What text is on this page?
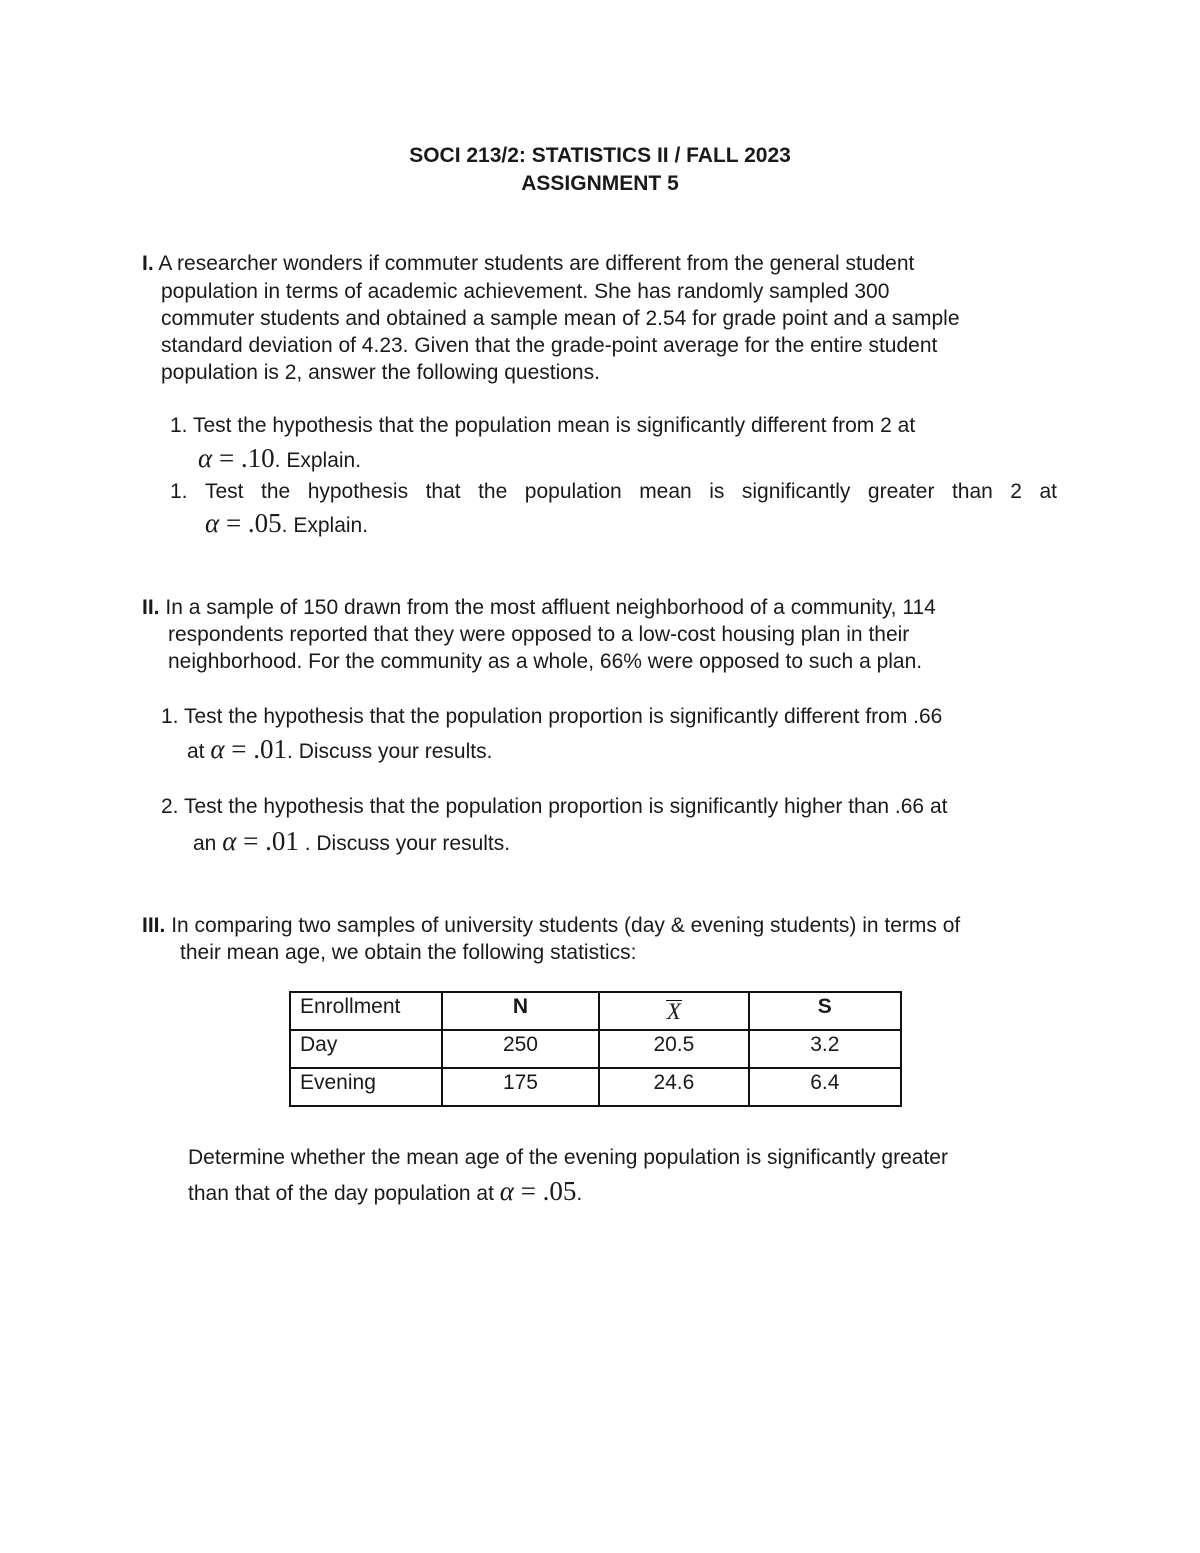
SOCI 213/2: STATISTICS II / FALL 2023
ASSIGNMENT 5
I. A researcher wonders if commuter students are different from the general student
population in terms of academic achievement. She has randomly sampled 300
commuter students and obtained a sample mean of 2.54 for grade point and a sample
standard deviation of 4.23. Given that the grade-point average for the entire student
population is 2, answer the following questions.
1. Test the hypothesis that the population mean is significantly different from 2 at
α = .10. Explain.
1. Test the hypothesis that the population mean is significantly greater than 2 at
α = .05. Explain.
II. In a sample of 150 drawn from the most affluent neighborhood of a community, 114
respondents reported that they were opposed to a low-cost housing plan in their
neighborhood. For the community as a whole, 66% were opposed to such a plan.
1. Test the hypothesis that the population proportion is significantly different from .66
at α = .01. Discuss your results.
2. Test the hypothesis that the population proportion is significantly higher than .66 at
an α = .01 . Discuss your results.
III. In comparing two samples of university students (day & evening students) in terms of
their mean age, we obtain the following statistics:
Enrollment	N	X	S
Day	250	20.5	3.2
Evening	175	24.6	6.4
Determine whether the mean age of the evening population is significantly greater
than that of the day population at α = .05.
